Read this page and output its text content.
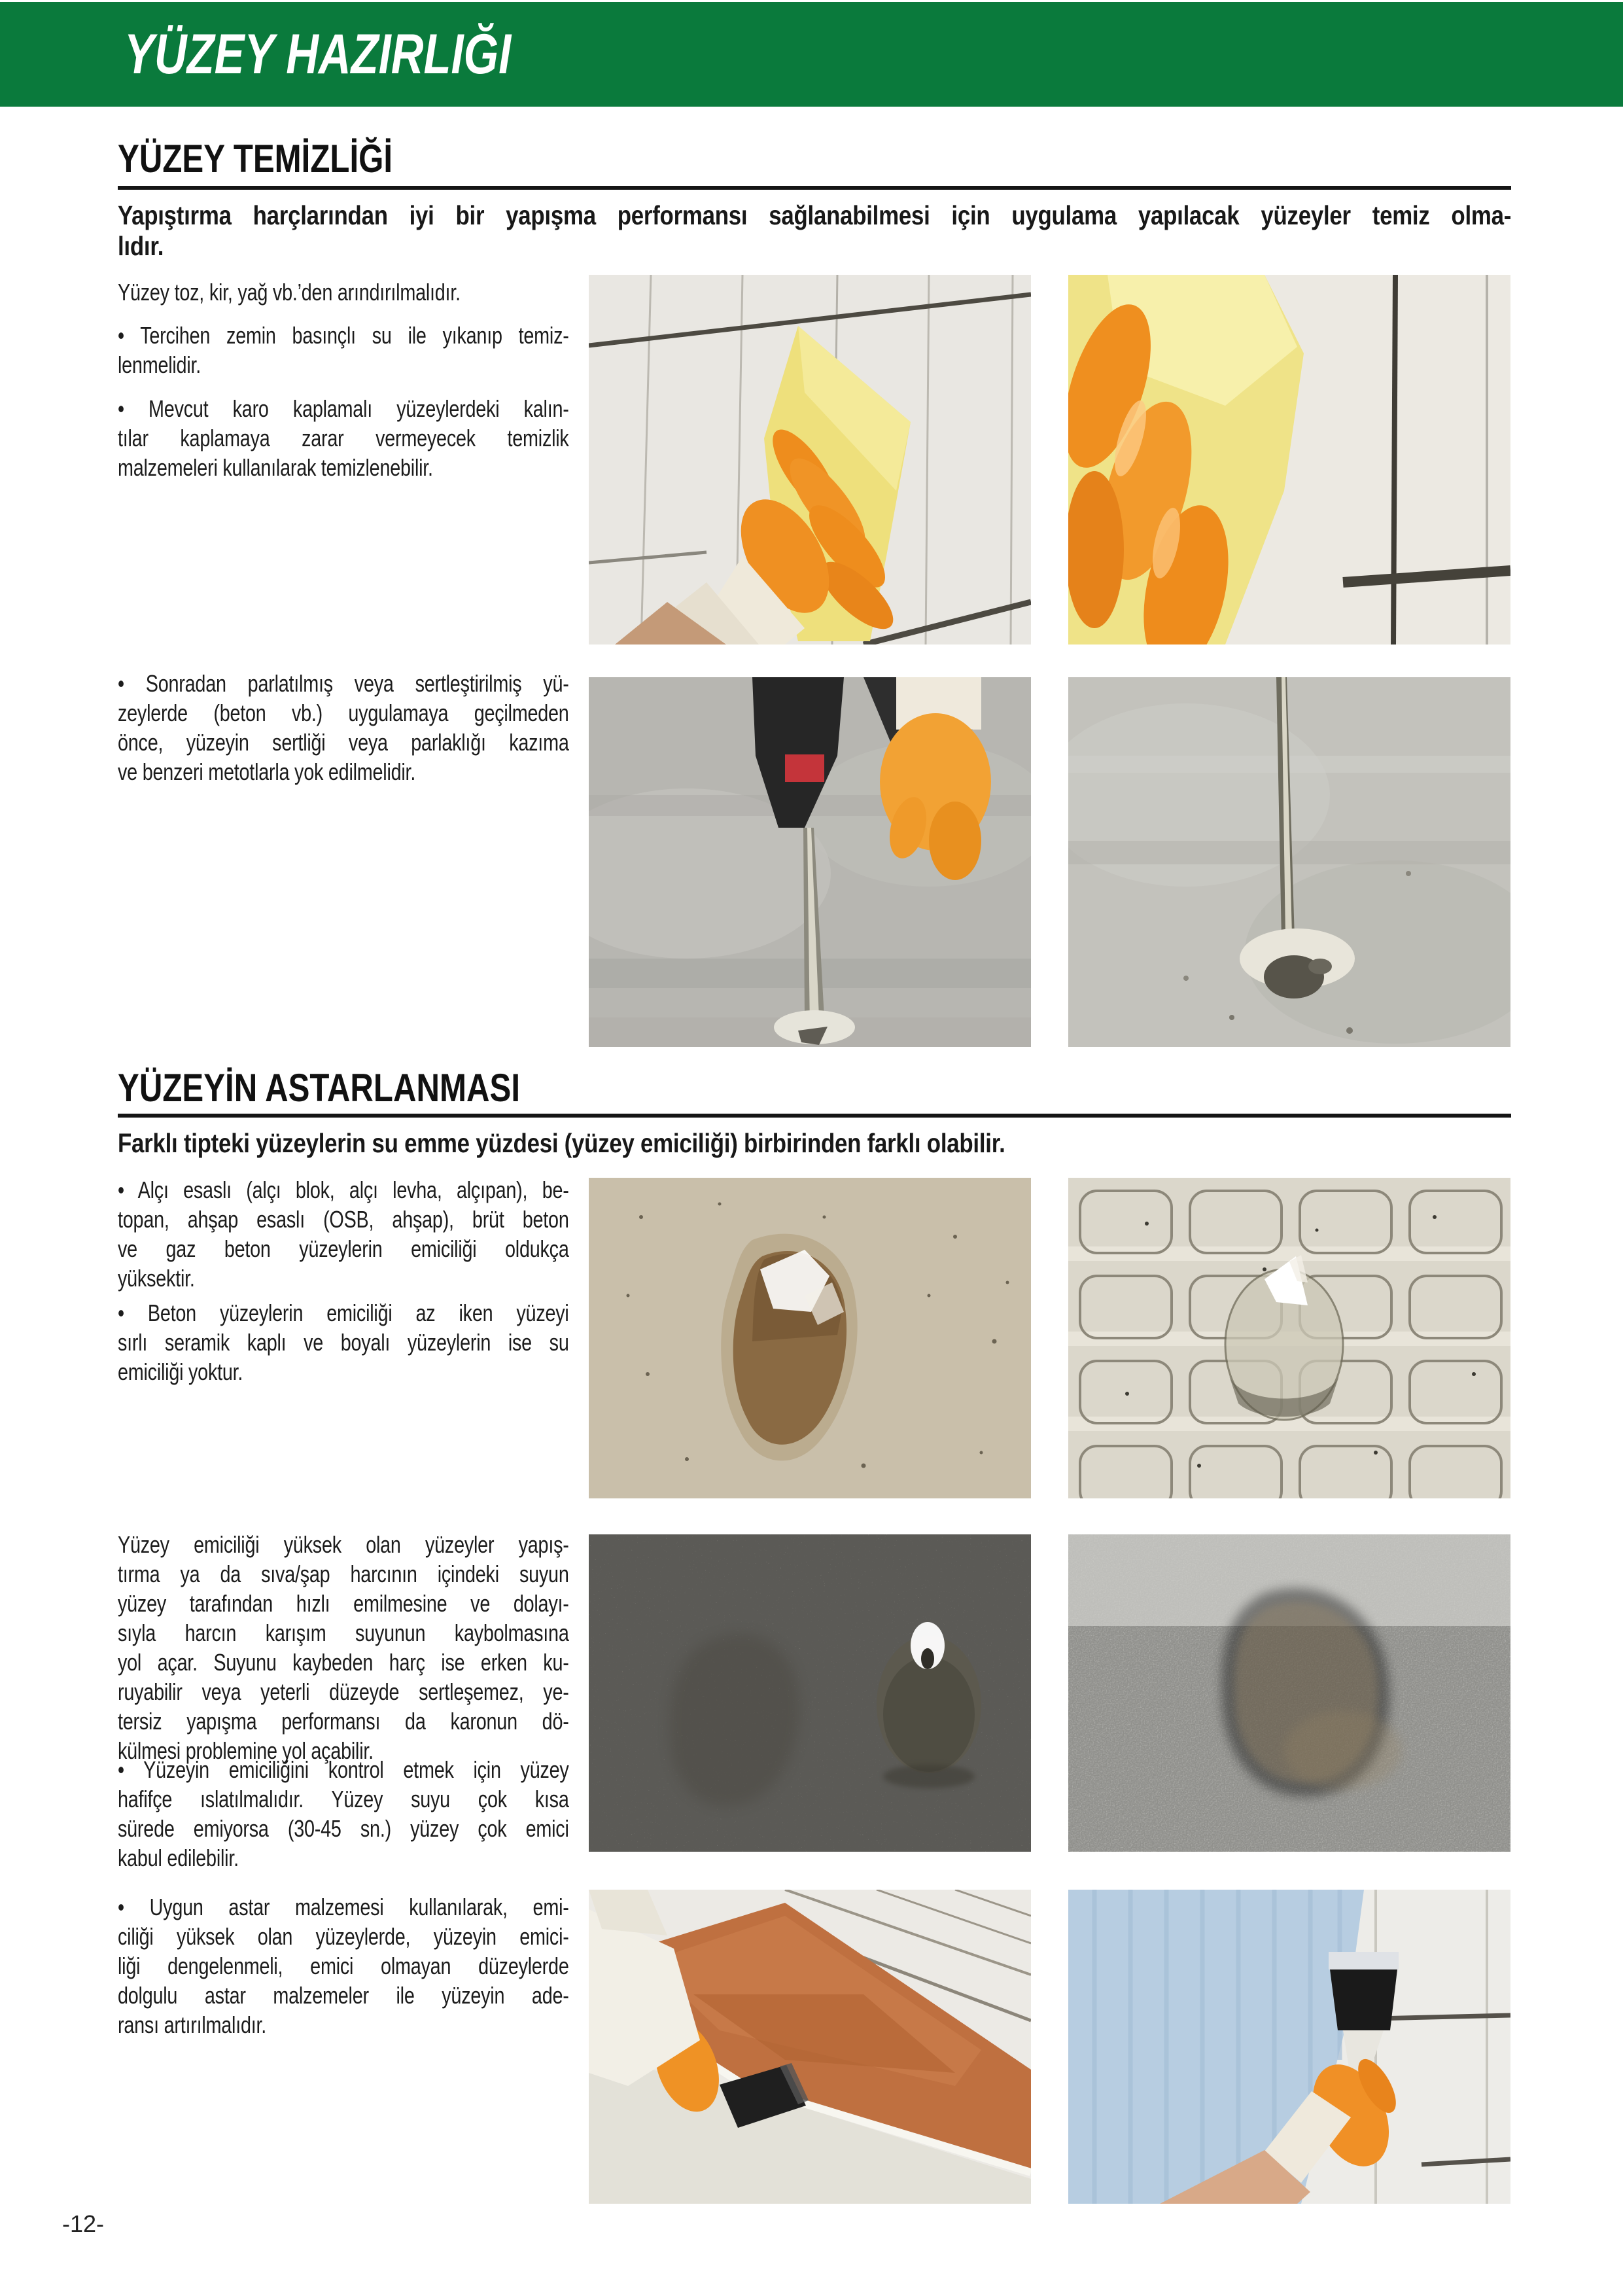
YÜZEY HAZIRLIĞI
YÜZEY TEMİZLİĞİ
Yapıştırma harçlarından iyi bir yapışma performansı sağlanabilmesi için uygulama yapılacak yüzeyler temiz olma-
lıdır.
Yüzey toz, kir, yağ vb.’den arındırılmalıdır.
• Tercihen zemin basınçlı su ile yıkanıp temiz-
lenmelidir.
• Mevcut karo kaplamalı yüzeylerdeki kalın-
tılar kaplamaya zarar vermeyecek temizlik
malzemeleri kullanılarak temizlenebilir.
• Sonradan parlatılmış veya sertleştirilmiş yü-
zeylerde (beton vb.) uygulamaya geçilmeden
önce, yüzeyin sertliği veya parlaklığı kazıma
ve benzeri metotlarla yok edilmelidir.
YÜZEYİN ASTARLANMASI
Farklı tipteki yüzeylerin su emme yüzdesi (yüzey emiciliği) birbirinden farklı olabilir.
• Alçı esaslı (alçı blok, alçı levha, alçıpan), be-
topan, ahşap esaslı (OSB, ahşap), brüt beton
ve gaz beton yüzeylerin emiciliği oldukça
yüksektir.
• Beton yüzeylerin emiciliği az iken yüzeyi
sırlı seramik kaplı ve boyalı yüzeylerin ise su
emiciliği yoktur.
Yüzey emiciliği yüksek olan yüzeyler yapış-
tırma ya da sıva/şap harcının içindeki suyun
yüzey tarafından hızlı emilmesine ve dolayı-
sıyla harcın karışım suyunun kaybolmasına
yol açar. Suyunu kaybeden harç ise erken ku-
ruyabilir veya yeterli düzeyde sertleşemez, ye-
tersiz yapışma performansı da karonun dö-
külmesi problemine yol açabilir.
• Yüzeyin emiciliğini kontrol etmek için yüzey
hafifçe ıslatılmalıdır. Yüzey suyu çok kısa
sürede emiyorsa (30-45 sn.) yüzey çok emici
kabul edilebilir.
• Uygun astar malzemesi kullanılarak, emi-
ciliği yüksek olan yüzeylerde, yüzeyin emici-
liği dengelenmeli, emici olmayan düzeylerde
dolgulu astar malzemeler ile yüzeyin ade-
ransı artırılmalıdır.
-12-
